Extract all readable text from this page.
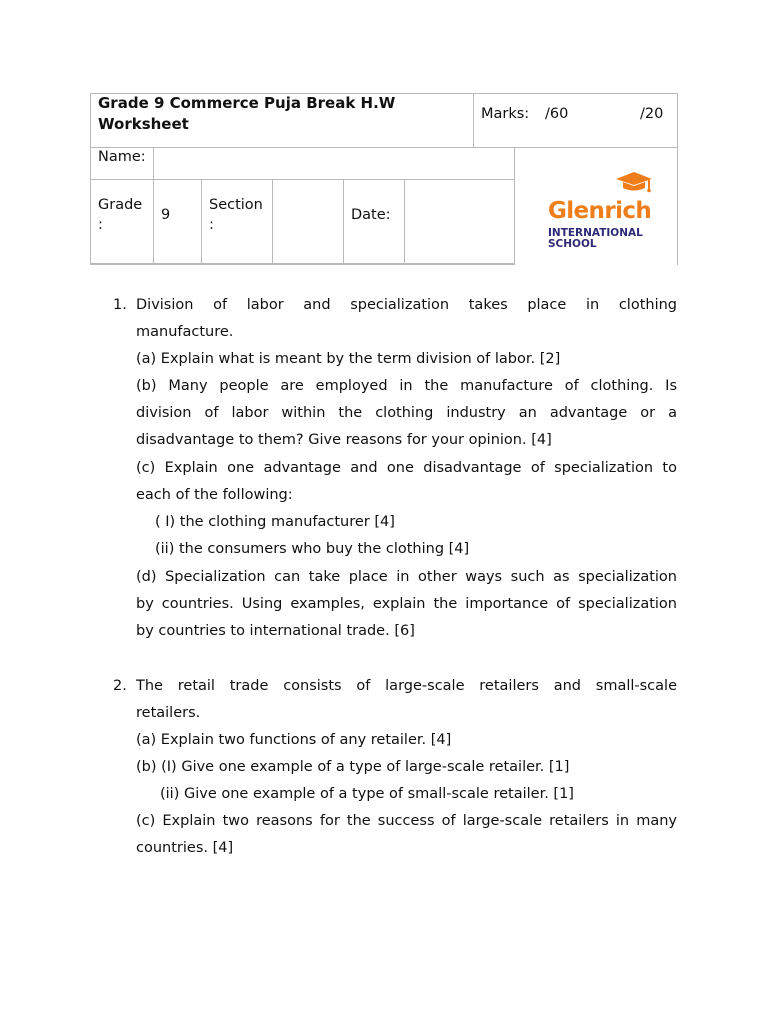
Grade 9 Commerce Puja Break H.W
Worksheet
Marks: /60	/20
Name:
Grade
:
9
Section
:
Date:	Glenrich
INTERNATIONAL
SCHOOL
1. Division of labor and specialization takes place in clothing
manufacture.
(a) Explain what is meant by the term division of labor. [2]
(b) Many people are employed in the manufacture of clothing. Is
division of labor within the clothing industry an advantage or a
disadvantage to them? Give reasons for your opinion. [4]
(c) Explain one advantage and one disadvantage of specialization to
each of the following:
( I) the clothing manufacturer [4]
(ii) the consumers who buy the clothing [4]
(d) Specialization can take place in other ways such as specialization
by countries. Using examples, explain the importance of specialization
by countries to international trade. [6]
2. The retail trade consists of large-scale retailers and small-scale
retailers.
(a) Explain two functions of any retailer. [4]
(b) (I) Give one example of a type of large-scale retailer. [1]
(ii) Give one example of a type of small-scale retailer. [1]
(c) Explain two reasons for the success of large-scale retailers in many
countries. [4]
